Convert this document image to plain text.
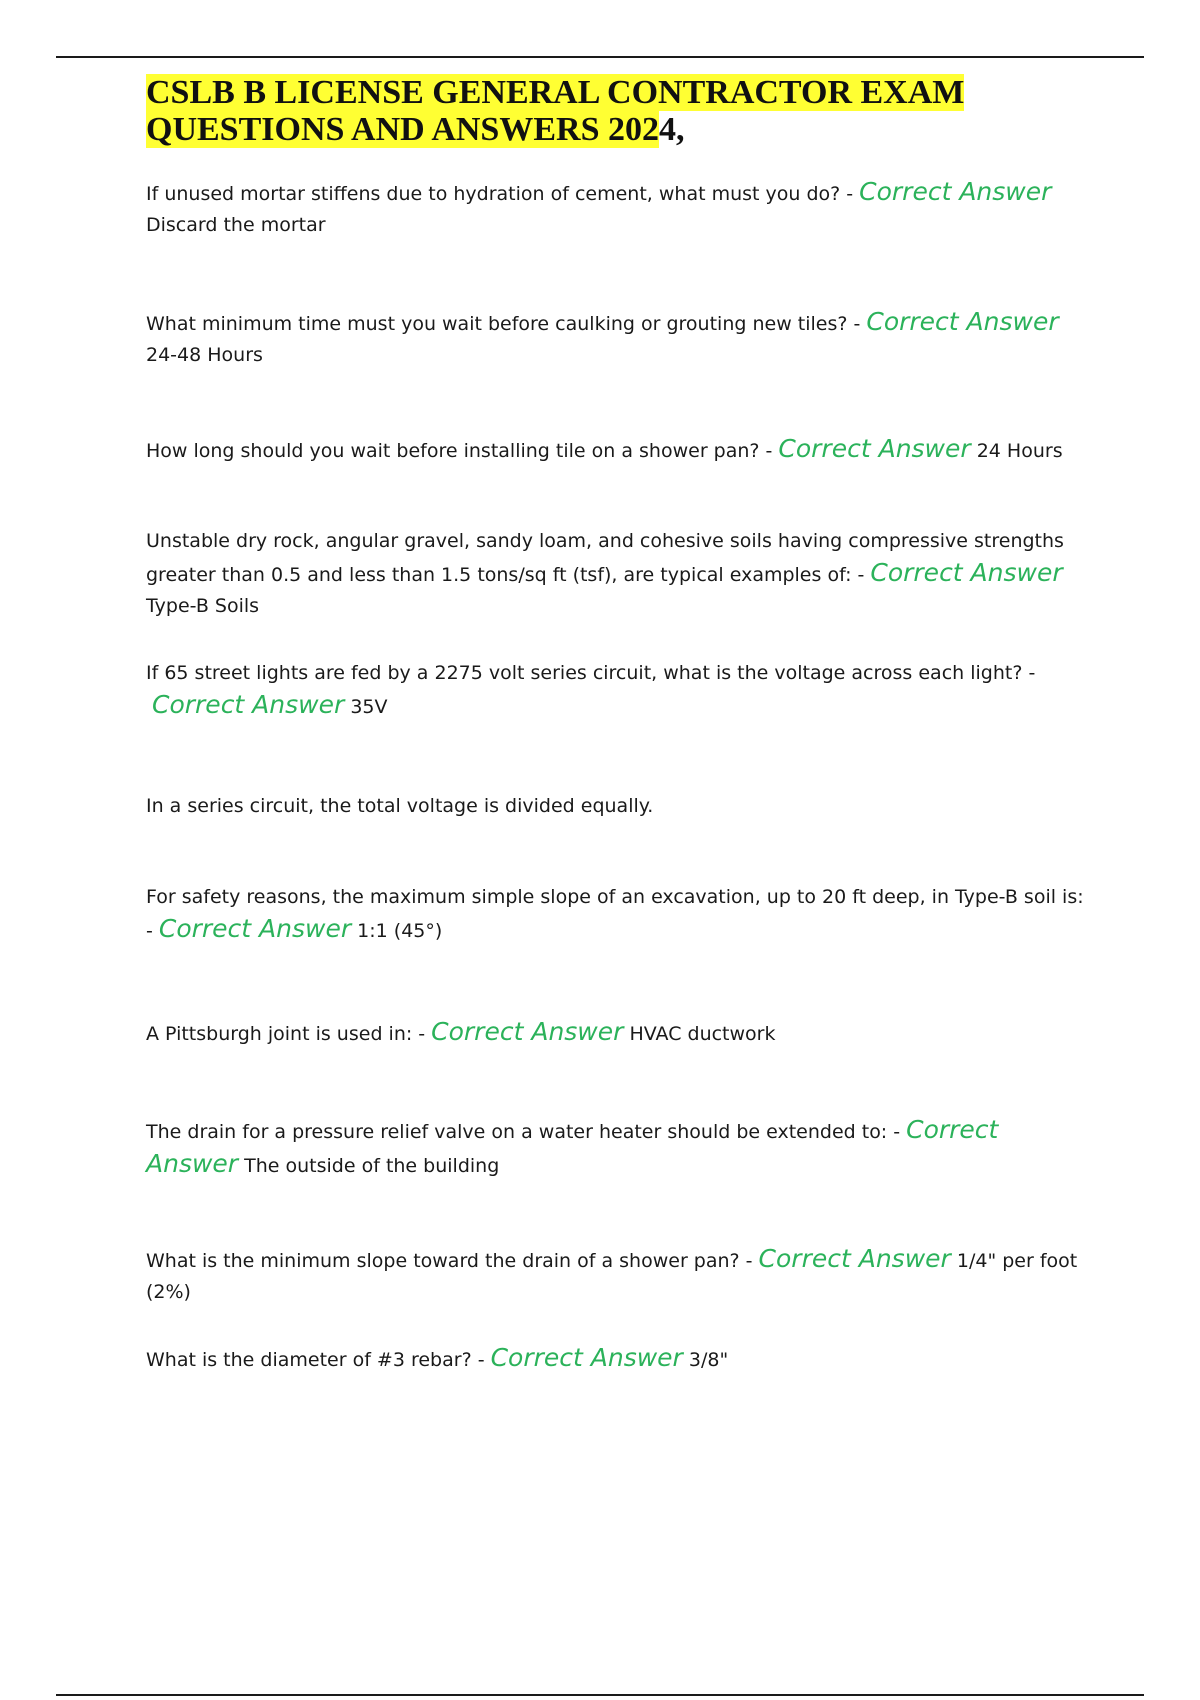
CSLB B LICENSE GENERAL CONTRACTOR EXAM QUESTIONS AND ANSWERS 2024,

If unused mortar stiffens due to hydration of cement, what must you do? - Correct Answer Discard the mortar

What minimum time must you wait before caulking or grouting new tiles? - Correct Answer 24-48 Hours

How long should you wait before installing tile on a shower pan? - Correct Answer 24 Hours

Unstable dry rock, angular gravel, sandy loam, and cohesive soils having compressive strengths greater than 0.5 and less than 1.5 tons/sq ft (tsf), are typical examples of: - Correct Answer Type-B Soils

If 65 street lights are fed by a 2275 volt series circuit, what is the voltage across each light? -Correct Answer 35V

In a series circuit, the total voltage is divided equally.

For safety reasons, the maximum simple slope of an excavation, up to 20 ft deep, in Type-B soil is: - Correct Answer 1:1 (45°)

A Pittsburgh joint is used in: - Correct Answer HVAC ductwork

The drain for a pressure relief valve on a water heater should be extended to: - Correct Answer The outside of the building

What is the minimum slope toward the drain of a shower pan? - Correct Answer 1/4" per foot (2%)

What is the diameter of #3 rebar? - Correct Answer 3/8"
